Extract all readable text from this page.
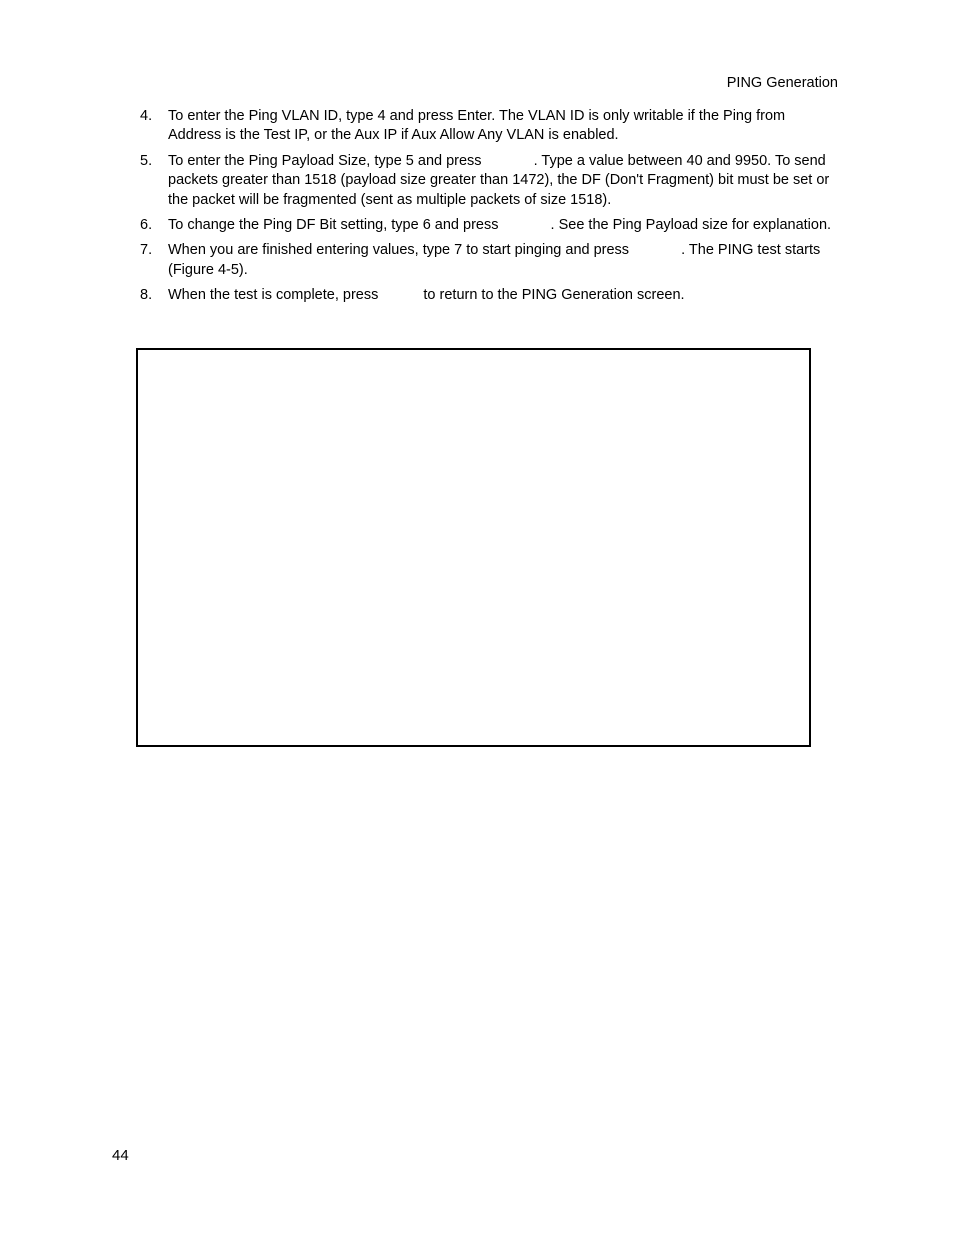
PING Generation
4. To enter the Ping VLAN ID, type 4 and press Enter. The VLAN ID is only writable if the Ping from Address is the Test IP, or the Aux IP if Aux Allow Any VLAN is enabled.
5. To enter the Ping Payload Size, type 5 and press	. Type a value between 40 and 9950. To send packets greater than 1518 (payload size greater than 1472), the DF (Don't Fragment) bit must be set or the packet will be fragmented (sent as multiple packets of size 1518).
6. To change the Ping DF Bit setting, type 6 and press	. See the Ping Payload size for explanation.
7. When you are finished entering values, type 7 to start pinging and press	. The PING test starts (Figure 4-5).
8. When the test is complete, press	to return to the PING Generation screen.
44
